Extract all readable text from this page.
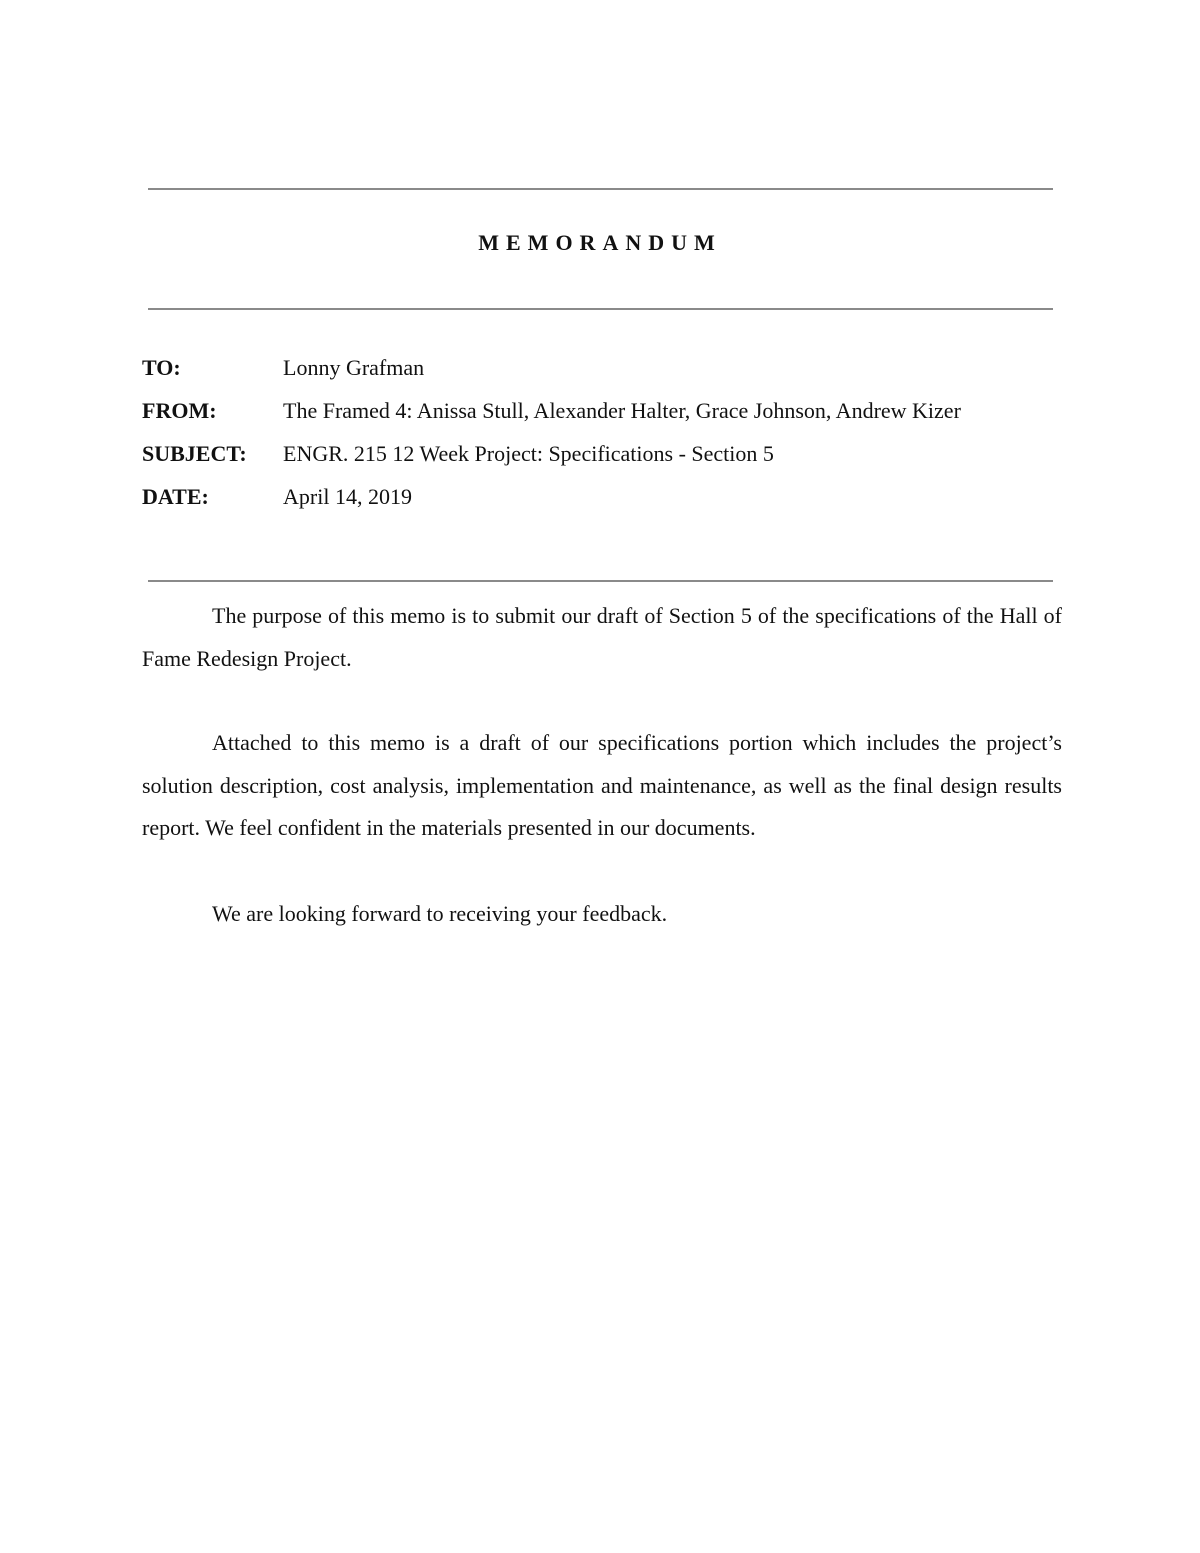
MEMORANDUM
TO:	Lonny Grafman
FROM:	The Framed 4: Anissa Stull, Alexander Halter, Grace Johnson, Andrew Kizer
SUBJECT: ENGR. 215 12 Week Project: Specifications - Section 5
DATE:	April 14, 2019

The purpose of this memo is to submit our draft of Section 5 of the specifications of the Hall of Fame Redesign Project.

Attached to this memo is a draft of our specifications portion which includes the project’s solution description, cost analysis, implementation and maintenance, as well as the final design results report. We feel confident in the materials presented in our documents.

We are looking forward to receiving your feedback.
